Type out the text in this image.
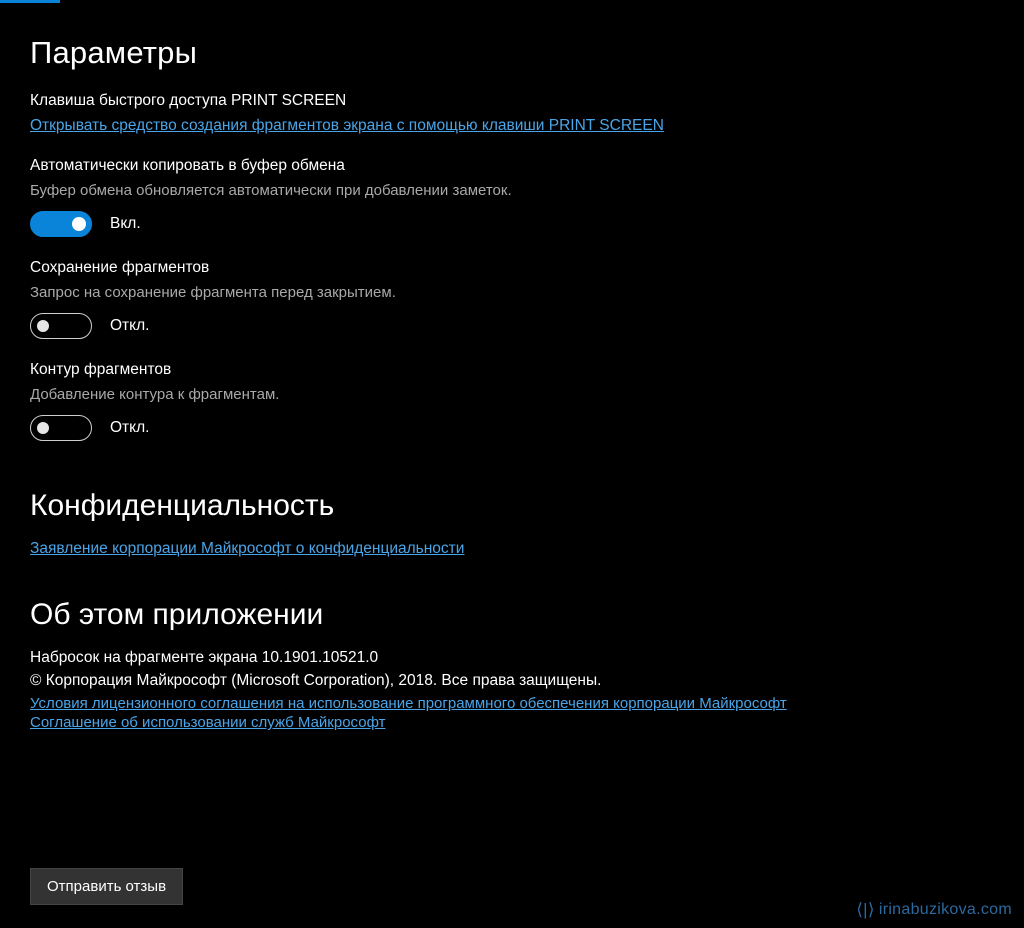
Параметры
Клавиша быстрого доступа PRINT SCREEN
Открывать средство создания фрагментов экрана с помощью клавиши PRINT SCREEN
Автоматически копировать в буфер обмена
Буфер обмена обновляется автоматически при добавлении заметок.
Вкл.
Сохранение фрагментов
Запрос на сохранение фрагмента перед закрытием.
Откл.
Контур фрагментов
Добавление контура к фрагментам.
Откл.
Конфиденциальность
Заявление корпорации Майкрософт о конфиденциальности
Об этом приложении
Набросок на фрагменте экрана 10.1901.10521.0
© Корпорация Майкрософт (Microsoft Corporation), 2018. Все права защищены.
Условия лицензионного соглашения на использование программного обеспечения корпорации Майкрософт
Соглашение об использовании служб Майкрософт
Отправить отзыв
⟨|⟩ irinabuzikova.com
